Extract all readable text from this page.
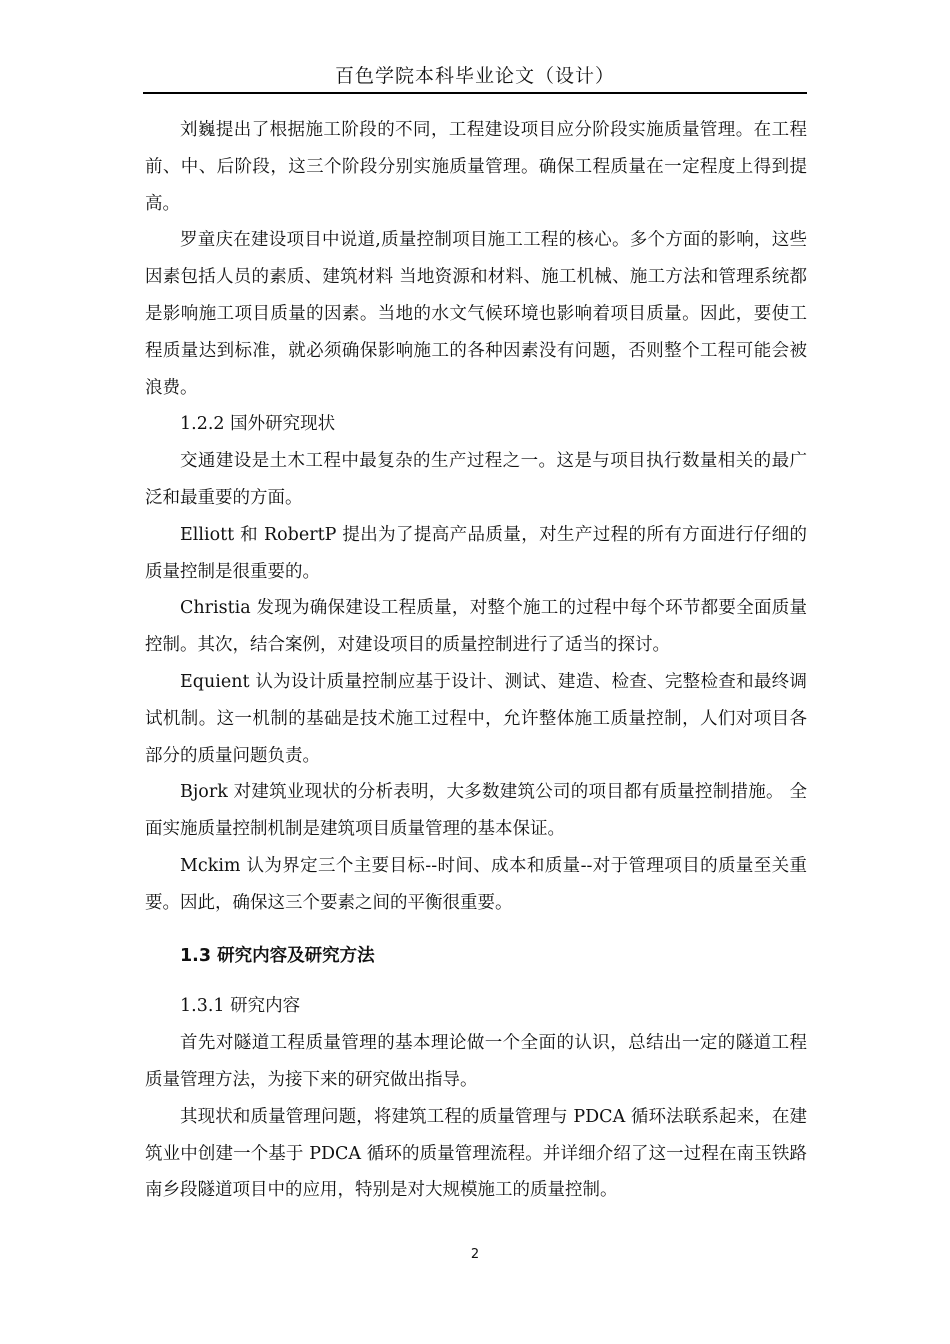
百色学院本科毕业论文（设计）

刘巍提出了根据施工阶段的不同，工程建设项目应分阶段实施质量管理。在工程前、中、后阶段，这三个阶段分别实施质量管理。确保工程质量在一定程度上得到提高。

罗童庆在建设项目中说道,质量控制项目施工工程的核心。多个方面的影响，这些因素包括人员的素质、建筑材料 当地资源和材料、施工机械、施工方法和管理系统都是影响施工项目质量的因素。当地的水文气候环境也影响着项目质量。因此，要使工程质量达到标准，就必须确保影响施工的各种因素没有问题，否则整个工程可能会被浪费。

1.2.2 国外研究现状

交通建设是土木工程中最复杂的生产过程之一。这是与项目执行数量相关的最广泛和最重要的方面。

Elliott 和 RobertP 提出为了提高产品质量，对生产过程的所有方面进行仔细的质量控制是很重要的。

Christia 发现为确保建设工程质量，对整个施工的过程中每个环节都要全面质量控制。其次，结合案例，对建设项目的质量控制进行了适当的探讨。

Equient 认为设计质量控制应基于设计、测试、建造、检查、完整检查和最终调试机制。这一机制的基础是技术施工过程中，允许整体施工质量控制，人们对项目各部分的质量问题负责。

Bjork 对建筑业现状的分析表明，大多数建筑公司的项目都有质量控制措施。 全面实施质量控制机制是建筑项目质量管理的基本保证。

Mckim 认为界定三个主要目标--时间、成本和质量--对于管理项目的质量至关重要。因此，确保这三个要素之间的平衡很重要。

1.3 研究内容及研究方法

1.3.1 研究内容

首先对隧道工程质量管理的基本理论做一个全面的认识，总结出一定的隧道工程质量管理方法，为接下来的研究做出指导。

其现状和质量管理问题，将建筑工程的质量管理与 PDCA 循环法联系起来，在建筑业中创建一个基于 PDCA 循环的质量管理流程。并详细介绍了这一过程在南玉铁路南乡段隧道项目中的应用，特别是对大规模施工的质量控制。

2
